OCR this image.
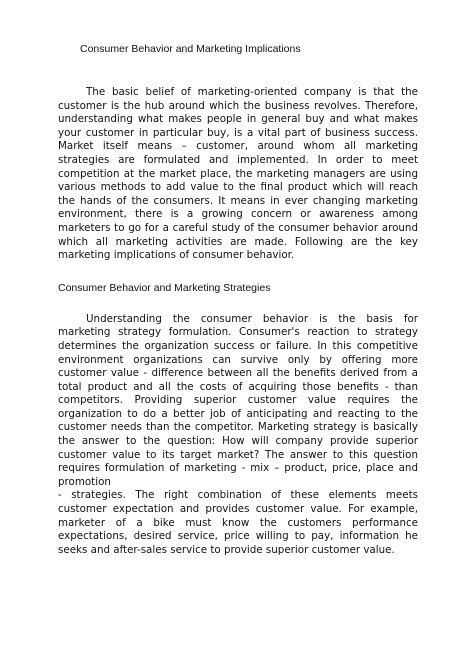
Consumer Behavior and Marketing Implications

The basic belief of marketing-oriented company is that the customer is the hub around which the business revolves. Therefore, understanding what makes people in general buy and what makes your customer in particular buy, is a vital part of business success. Market itself means – customer, around whom all marketing strategies are formulated and implemented. In order to meet competition at the market place, the marketing managers are using various methods to add value to the final product which will reach the hands of the consumers. It means in ever changing marketing environment, there is a growing concern or awareness among marketers to go for a careful study of the consumer behavior around which all marketing activities are made. Following are the key marketing implications of consumer behavior.

Consumer Behavior and Marketing Strategies

Understanding the consumer behavior is the basis for marketing strategy formulation. Consumer's reaction to strategy determines the organization success or failure. In this competitive environment organizations can survive only by offering more customer value - difference between all the benefits derived from a total product and all the costs of acquiring those benefits - than competitors. Providing superior customer value requires the organization to do a better job of anticipating and reacting to the customer needs than the competitor. Marketing strategy is basically the answer to the question: How will company provide superior customer value to its target market? The answer to this question requires formulation of marketing - mix – product, price, place and promotion

- strategies. The right combination of these elements meets customer expectation and provides customer value. For example, marketer of a bike must know the customers performance expectations, desired service, price willing to pay, information he seeks and after-sales service to provide superior customer value.
